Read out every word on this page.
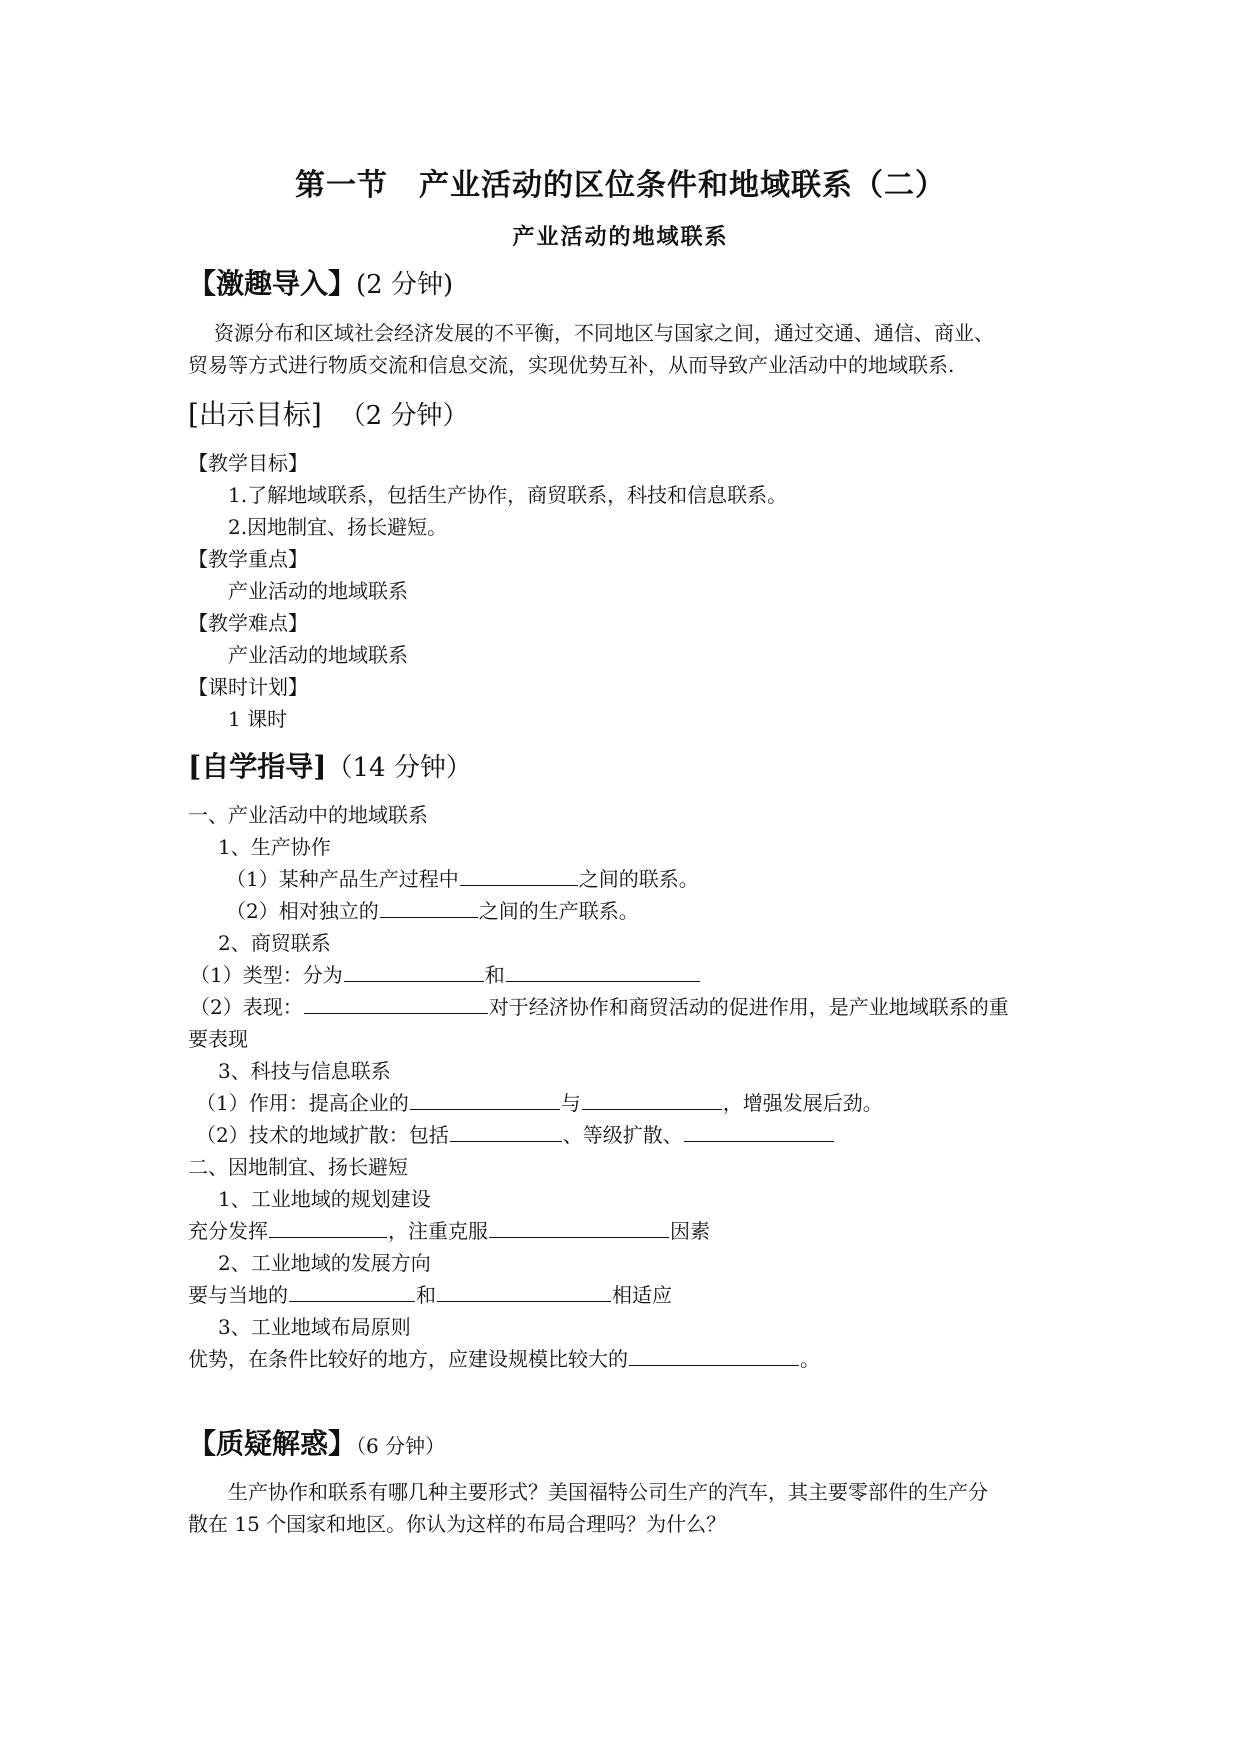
第一节　产业活动的区位条件和地域联系（二）
产业活动的地域联系
【激趣导入】(2 分钟)
资源分布和区域社会经济发展的不平衡，不同地区与国家之间，通过交通、通信、商业、
贸易等方式进行物质交流和信息交流，实现优势互补，从而导致产业活动中的地域联系.
[出示目标] （2 分钟）
【教学目标】
1.了解地域联系，包括生产协作，商贸联系，科技和信息联系。
2.因地制宜、扬长避短。
【教学重点】
产业活动的地域联系
【教学难点】
产业活动的地域联系
【课时计划】
1 课时
[自学指导]（14 分钟）
一、产业活动中的地域联系
1、生产协作
（1）某种产品生产过程中	之间的联系。
（2）相对独立的	之间的生产联系。
2、商贸联系
（1）类型：分为	和
（2）表现：	对于经济协作和商贸活动的促进作用，是产业地域联系的重
要表现
3、科技与信息联系
（1）作用：提高企业的	与	，增强发展后劲。
（2）技术的地域扩散：包括	、等级扩散、
二、因地制宜、扬长避短
1、工业地域的规划建设
充分发挥	，注重克服	因素
2、工业地域的发展方向
要与当地的	和	相适应
3、工业地域布局原则
优势，在条件比较好的地方，应建设规模比较大的	。
【质疑解惑】（6 分钟）
生产协作和联系有哪几种主要形式？美国福特公司生产的汽车，其主要零部件的生产分
散在 15 个国家和地区。你认为这样的布局合理吗？为什么？
